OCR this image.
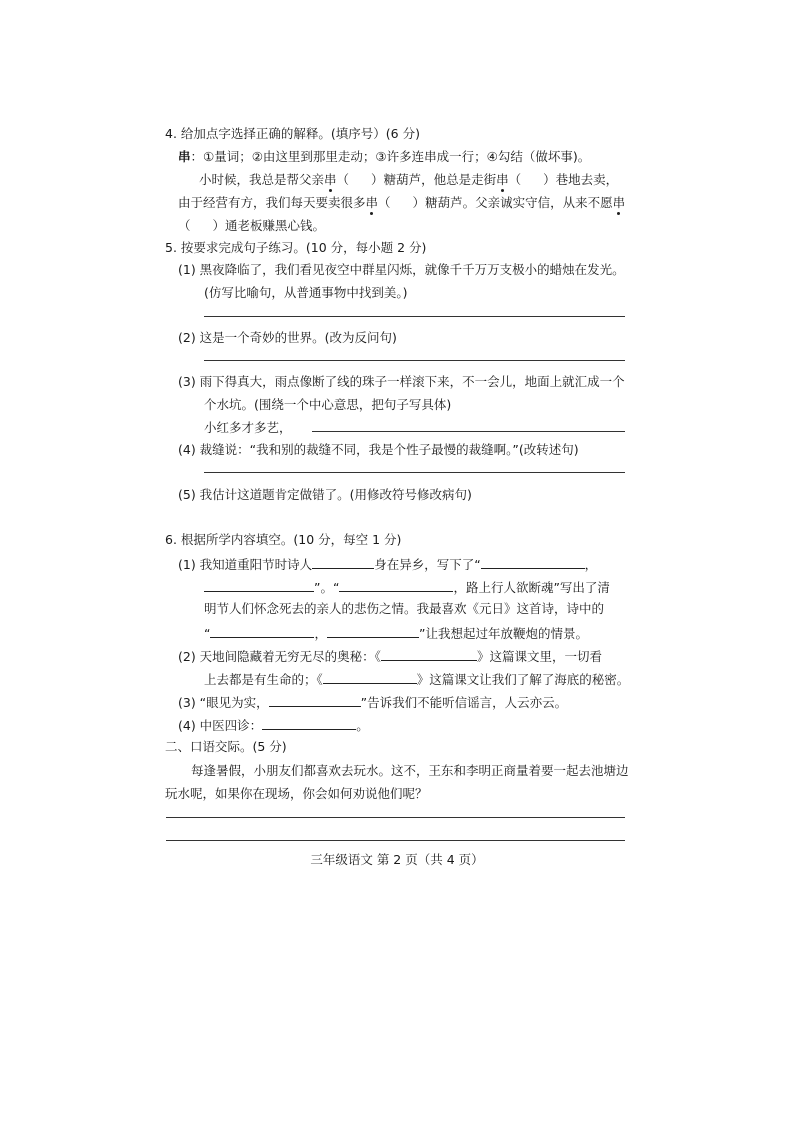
4. 给加点字选择正确的解释。(填序号）(6 分)
串：①量词；②由这里到那里走动；③许多连串成一行；④勾结（做坏事)。
小时候，我总是帮父亲串（ ）糖葫芦，他总是走街串（ ）巷地去卖，
由于经营有方，我们每天要卖很多串（ ）糖葫芦。父亲诚实守信，从来不愿串
（ ）通老板赚黑心钱。
5. 按要求完成句子练习。(10 分，每小题 2 分)
(1) 黑夜降临了，我们看见夜空中群星闪烁，就像千千万万支极小的蜡烛在发光。
(仿写比喻句，从普通事物中找到美。)
(2) 这是一个奇妙的世界。(改为反问句)
(3) 雨下得真大，雨点像断了线的珠子一样滚下来，不一会儿，地面上就汇成一个
个水坑。(围绕一个中心意思，把句子写具体)
小红多才多艺，
(4) 裁缝说：“我和别的裁缝不同，我是个性子最慢的裁缝啊。”(改转述句)
(5) 我估计这道题肯定做错了。(用修改符号修改病句)
6. 根据所学内容填空。(10 分，每空 1 分)
(1) 我知道重阳节时诗人	身在异乡，写下了“	，
”。“	，路上行人欲断魂”写出了清
明节人们怀念死去的亲人的悲伤之情。我最喜欢《元日》这首诗，诗中的
“	，	”让我想起过年放鞭炮的情景。
(2) 天地间隐藏着无穷无尽的奥秘：《	》这篇课文里，一切看
上去都是有生命的；《	》这篇课文让我们了解了海底的秘密。
(3) “眼见为实，	”告诉我们不能听信谣言，人云亦云。
(4) 中医四诊：	。
二、口语交际。(5 分)
每逢暑假，小朋友们都喜欢去玩水。这不，王东和李明正商量着要一起去池塘边
玩水呢，如果你在现场，你会如何劝说他们呢？
三年级语文 第 2 页（共 4 页）
